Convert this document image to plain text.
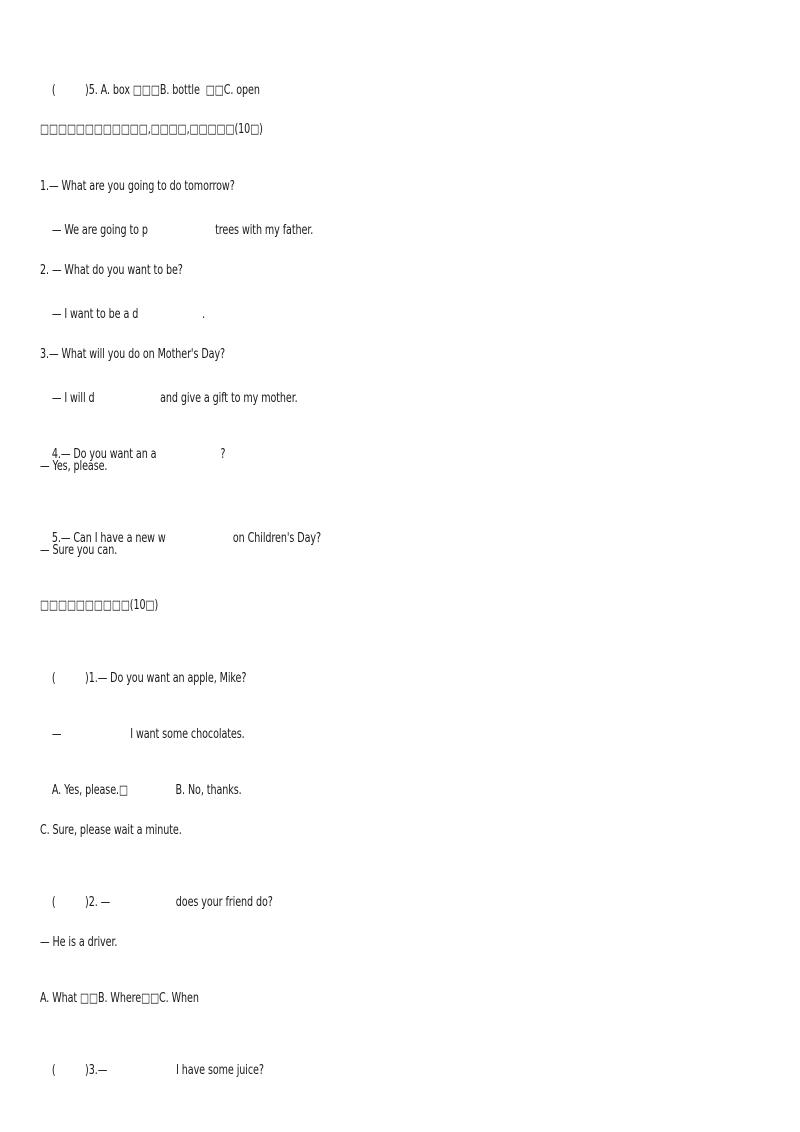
( )5. A. box □□□B. bottle □□C. open

□□□□□□□□□□□□,□□□□,□□□□□(10□)
1.— What are you going to do tomorrow?

— We are going to p	trees with my father.

2. — What do you want to be?

— I want to be a d	.

3.— What will you do on Mother's Day?

— I will d	and give a gift to my mother.

4.— Do you want an a	?

— Yes, please.

5.— Can I have a new w	on Children's Day?

— Sure you can.
□□□□□□□□□□(10□)

( )1.— Do you want an apple, Mike?

—	I want some chocolates.

A. Yes, please.□	B. No, thanks.

C. Sure, please wait a minute.

( )2. —	does your friend do?

— He is a driver.
A. What □□B. Where□□C. When

( )3.—	I have some juice?
